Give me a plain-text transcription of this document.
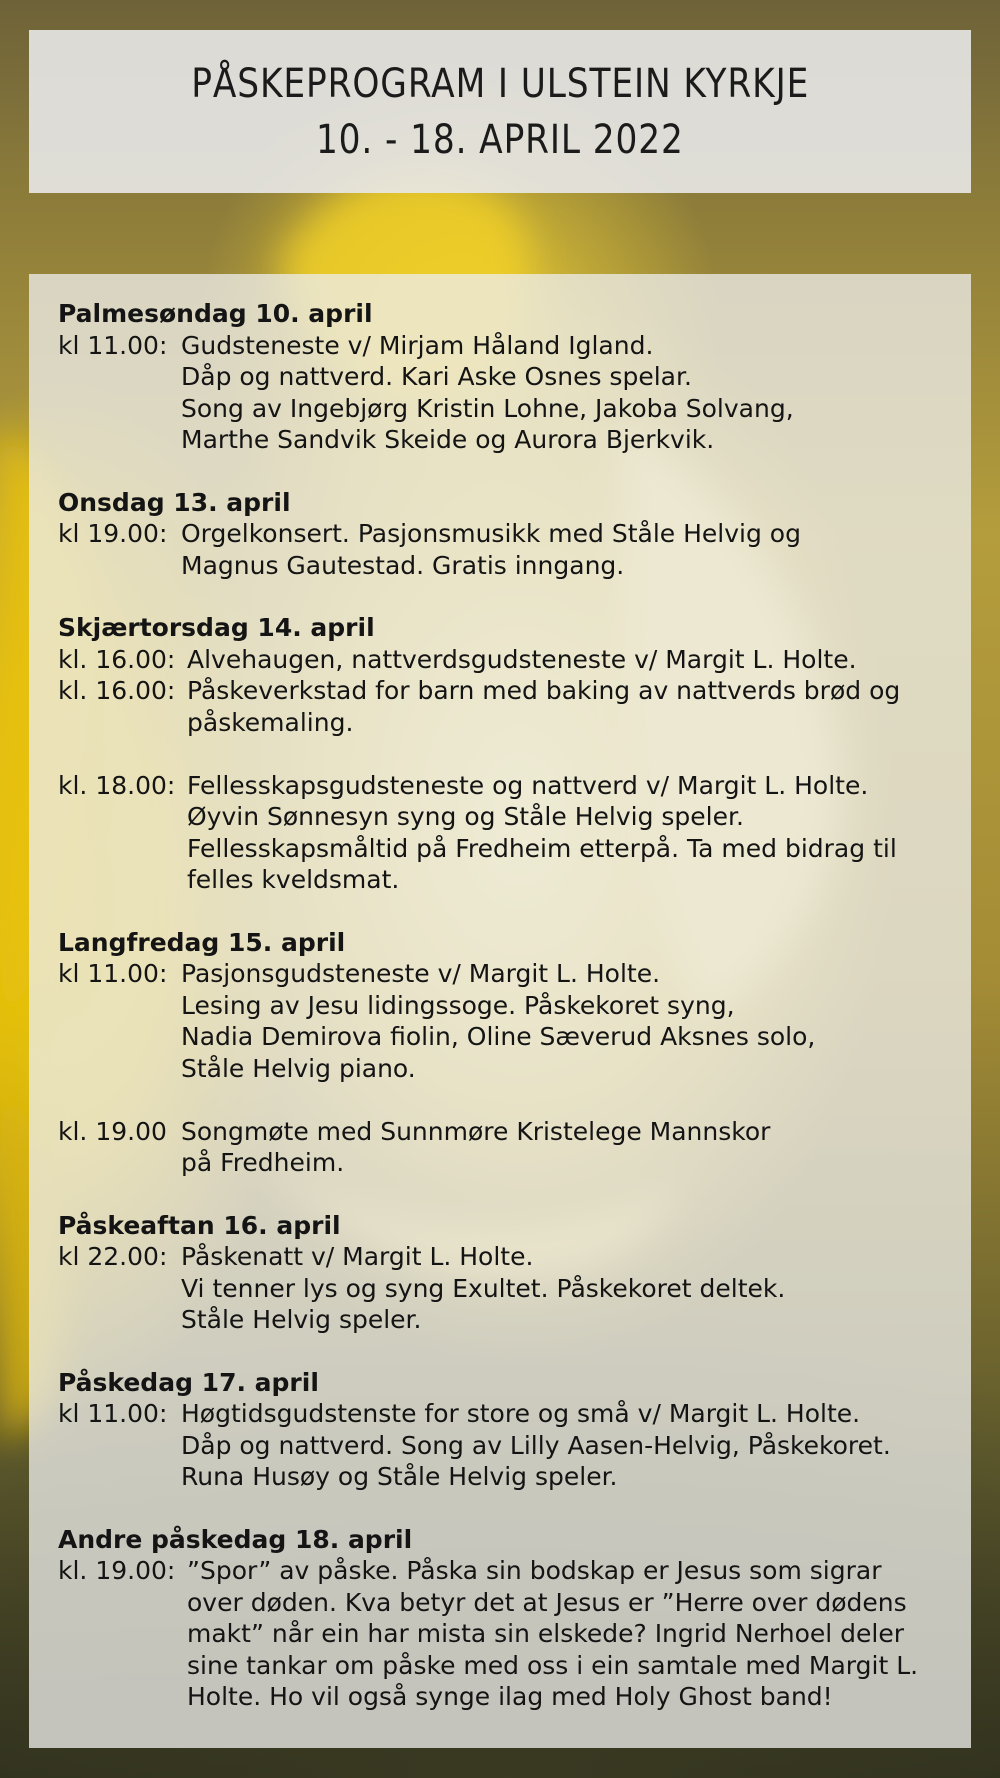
PÅSKEPROGRAM I ULSTEIN KYRKJE
10. - 18. APRIL 2022
Palmesøndag 10. april
kl 11.00: Gudsteneste v/ Mirjam Håland Igland.
Dåp og nattverd. Kari Aske Osnes spelar.
Song av Ingebjørg Kristin Lohne, Jakoba Solvang,
Marthe Sandvik Skeide og Aurora Bjerkvik.
Onsdag 13. april
kl 19.00: Orgelkonsert. Pasjonsmusikk med Ståle Helvig og
Magnus Gautestad. Gratis inngang.
Skjærtorsdag 14. april
kl. 16.00: Alvehaugen, nattverdsgudsteneste v/ Margit L. Holte.
kl. 16.00: Påskeverkstad for barn med baking av nattverds brød og
påskemaling.
kl. 18.00: Fellesskapsgudsteneste og nattverd v/ Margit L. Holte.
Øyvin Sønnesyn syng og Ståle Helvig speler.
Fellesskapsmåltid på Fredheim etterpå. Ta med bidrag til
felles kveldsmat.
Langfredag 15. april
kl 11.00: Pasjonsgudsteneste v/ Margit L. Holte.
Lesing av Jesu lidingssoge. Påskekoret syng,
Nadia Demirova fiolin, Oline Sæverud Aksnes solo,
Ståle Helvig piano.
kl. 19.00 Songmøte med Sunnmøre Kristelege Mannskor
på Fredheim.
Påskeaftan 16. april
kl 22.00: Påskenatt v/ Margit L. Holte.
Vi tenner lys og syng Exultet. Påskekoret deltek.
Ståle Helvig speler.
Påskedag 17. april
kl 11.00: Høgtidsgudstenste for store og små v/ Margit L. Holte.
Dåp og nattverd. Song av Lilly Aasen-Helvig, Påskekoret.
Runa Husøy og Ståle Helvig speler.
Andre påskedag 18. april
kl. 19.00: ”Spor” av påske. Påska sin bodskap er Jesus som sigrar
over døden. Kva betyr det at Jesus er ”Herre over dødens
makt” når ein har mista sin elskede? Ingrid Nerhoel deler
sine tankar om påske med oss i ein samtale med Margit L.
Holte. Ho vil også synge ilag med Holy Ghost band!
